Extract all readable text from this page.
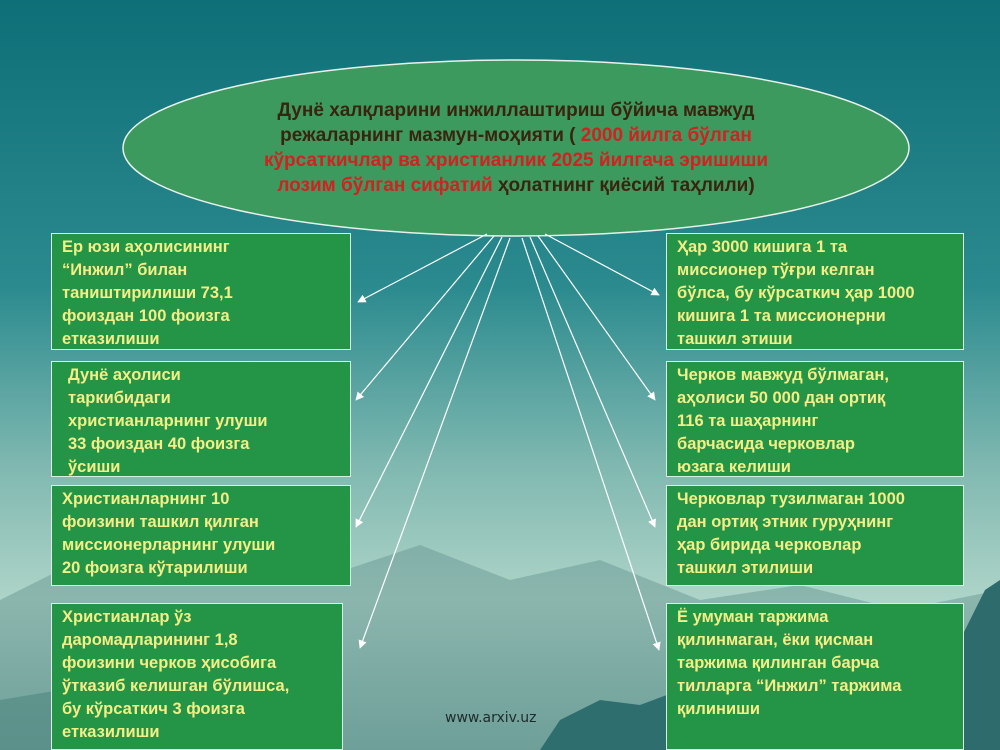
Дунё халқларини инжиллаштириш бўйича мавжуд режаларнинг мазмун-моҳияти ( 2000 йилга бўлган кўрсаткичлар ва христианлик 2025 йилгача эришиши лозим бўлган сифатий ҳолатнинг қиёсий таҳлили)
Ер юзи аҳолисининг
“Инжил” билан
таништирилиши 73,1
фоиздан 100 фоизга
етказилиши
Дунё аҳолиси
таркибидаги
христианларнинг улуши
33 фоиздан 40 фоизга
ўсиши
Христианларнинг 10
фоизини ташкил қилган
миссионерларнинг улуши
20 фоизга кўтарилиши
Христианлар ўз
даромадларининг 1,8
фоизини черков ҳисобига
ўтказиб келишган бўлишса,
бу кўрсаткич 3 фоизга
етказилиши
Ҳар 3000 кишига 1 та
миссионер тўғри келган
бўлса, бу кўрсаткич ҳар 1000
кишига 1 та миссионерни
ташкил этиши
Черков мавжуд бўлмаган,
аҳолиси 50 000 дан ортиқ
116 та шаҳарнинг
барчасида черковлар
юзага келиши
Черковлар тузилмаган 1000
дан ортиқ этник гуруҳнинг
ҳар бирида черковлар
ташкил этилиши
Ё умуман таржима
қилинмаган, ёки қисман
таржима қилинган барча
тилларга “Инжил” таржима
қилиниши
www.arxiv.uz
